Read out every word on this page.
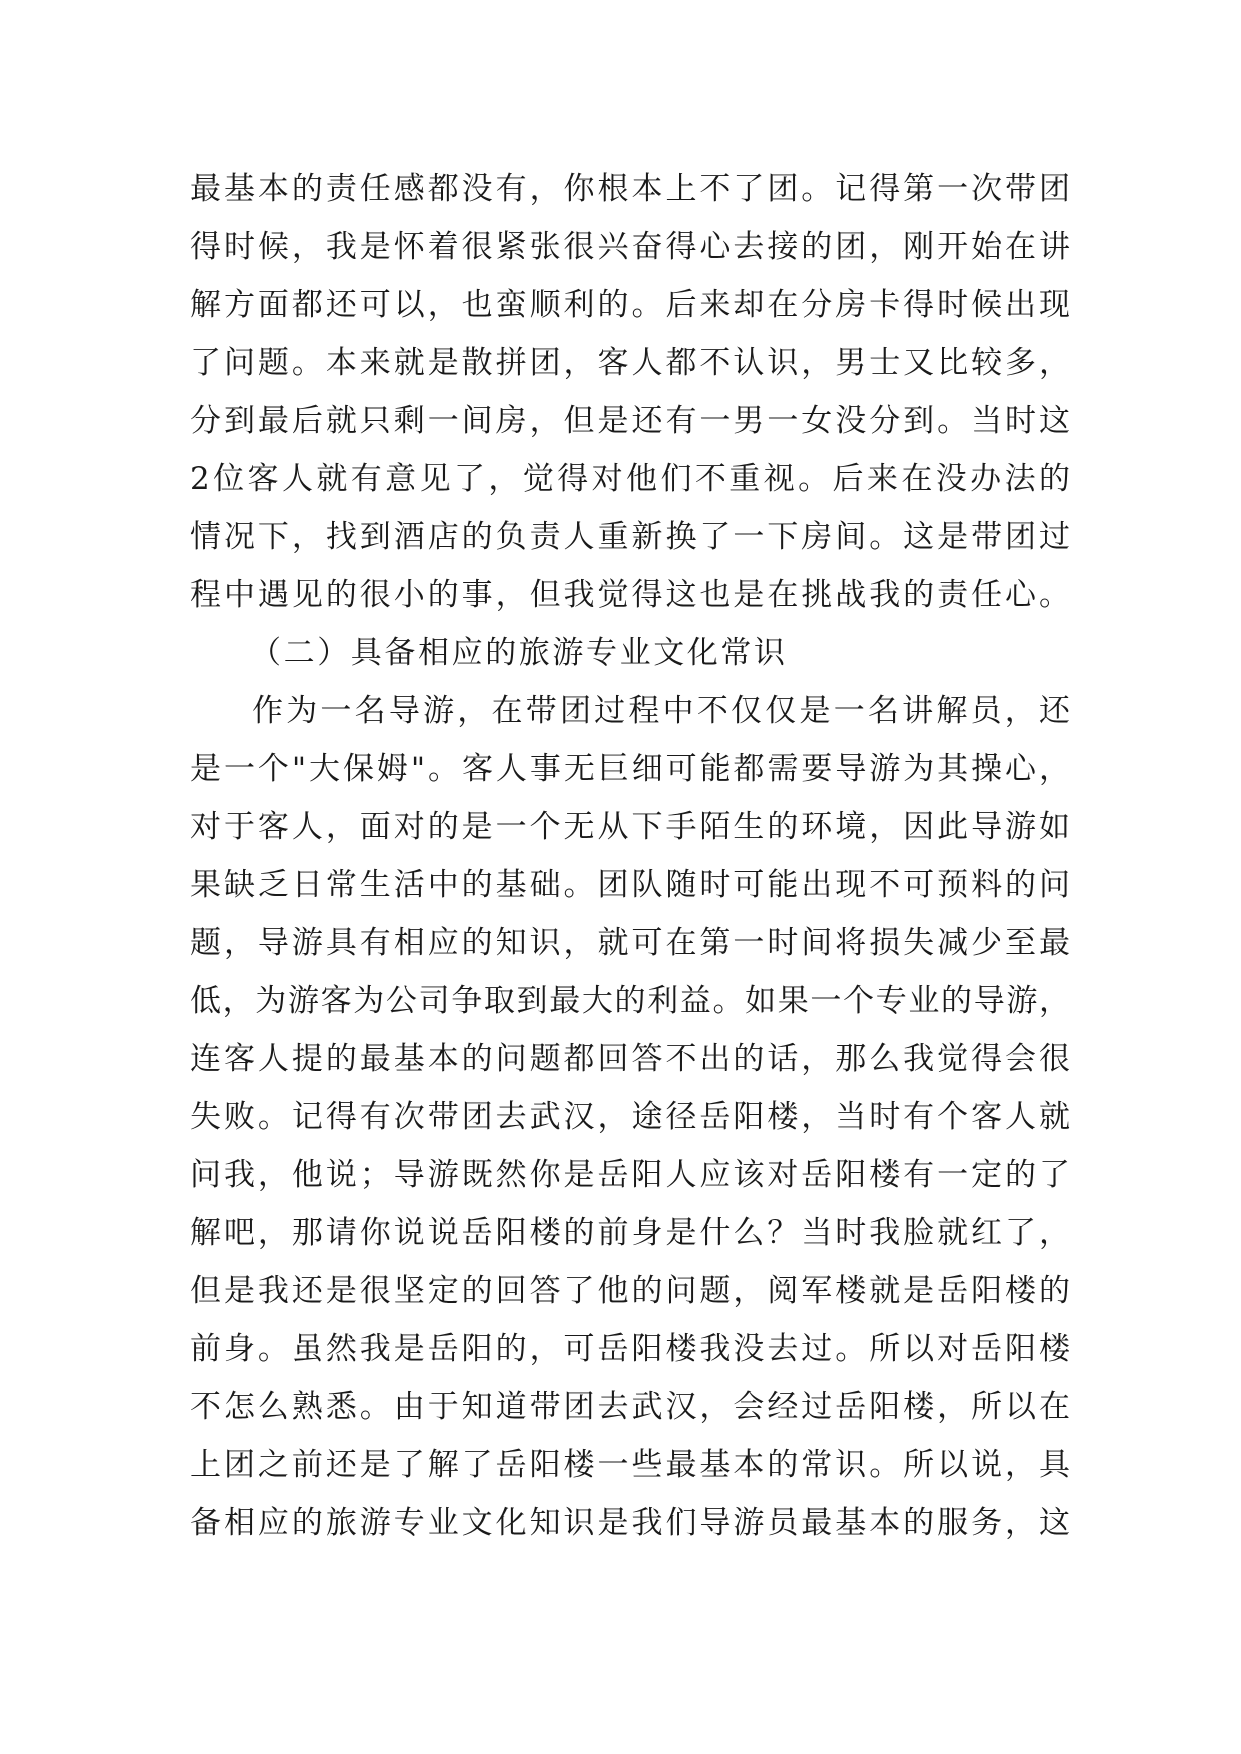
最基本的责任感都没有，你根本上不了团。记得第一次带团
得时候，我是怀着很紧张很兴奋得心去接的团，刚开始在讲
解方面都还可以，也蛮顺利的。后来却在分房卡得时候出现
了问题。本来就是散拼团，客人都不认识，男士又比较多，
分到最后就只剩一间房，但是还有一男一女没分到。当时这
2位客人就有意见了，觉得对他们不重视。后来在没办法的
情况下，找到酒店的负责人重新换了一下房间。这是带团过
程中遇见的很小的事，但我觉得这也是在挑战我的责任心。
（二）具备相应的旅游专业文化常识
作为一名导游，在带团过程中不仅仅是一名讲解员，还
是一个"大保姆"。客人事无巨细可能都需要导游为其操心，
对于客人，面对的是一个无从下手陌生的环境，因此导游如
果缺乏日常生活中的基础。团队随时可能出现不可预料的问
题，导游具有相应的知识，就可在第一时间将损失减少至最
低，为游客为公司争取到最大的利益。如果一个专业的导游，
连客人提的最基本的问题都回答不出的话，那么我觉得会很
失败。记得有次带团去武汉，途径岳阳楼，当时有个客人就
问我，他说；导游既然你是岳阳人应该对岳阳楼有一定的了
解吧，那请你说说岳阳楼的前身是什么？当时我脸就红了，
但是我还是很坚定的回答了他的问题，阅军楼就是岳阳楼的
前身。虽然我是岳阳的，可岳阳楼我没去过。所以对岳阳楼
不怎么熟悉。由于知道带团去武汉，会经过岳阳楼，所以在
上团之前还是了解了岳阳楼一些最基本的常识。所以说，具
备相应的旅游专业文化知识是我们导游员最基本的服务，这
